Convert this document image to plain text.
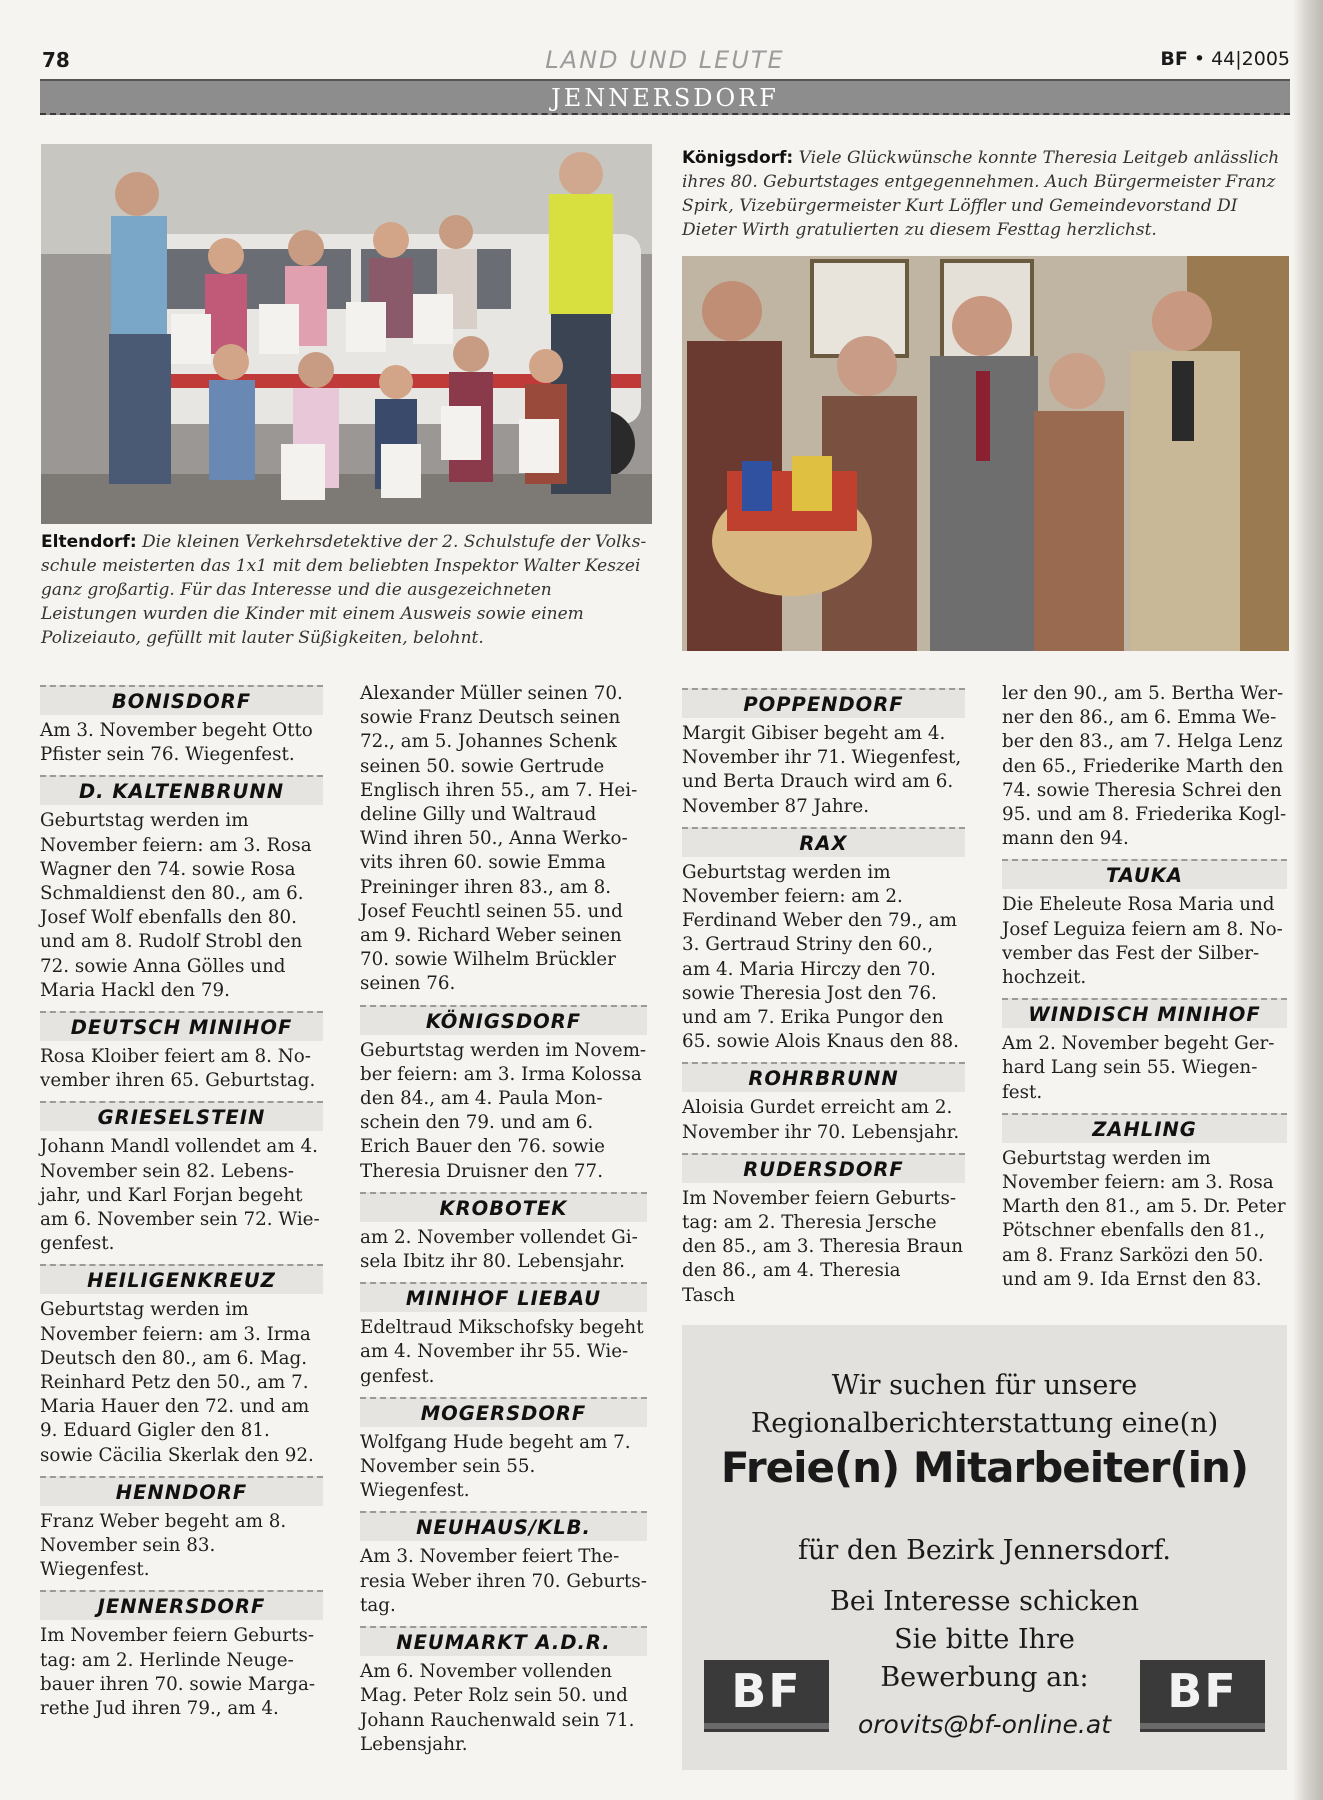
78	LAND UND LEUTE	BF • 44|2005
JENNERSDORF
Eltendorf: Die kleinen Verkehrsdetektive der 2. Schulstufe der Volksschule meisterten das 1x1 mit dem beliebten Inspektor Walter Keszei ganz großartig. Für das Interesse und die ausgezeichneten Leistungen wurden die Kinder mit einem Ausweis sowie einem Polizeiauto, gefüllt mit lauter Süßigkeiten, belohnt.
Königsdorf: Viele Glückwünsche konnte Theresia Leitgeb anlässlich ihres 80. Geburtstages entgegennehmen. Auch Bürgermeister Franz Spirk, Vizebürgermeister Kurt Löffler und Gemeindevorstand DI Dieter Wirth gratulierten zu diesem Festtag herzlichst.
BONISDORF
Am 3. November begeht Otto Pfister sein 76. Wiegenfest.
D. KALTENBRUNN
Geburtstag werden im November feiern: am 3. Rosa Wagner den 74. sowie Rosa Schmaldienst den 80., am 6. Josef Wolf ebenfalls den 80. und am 8. Rudolf Strobl den 72. sowie Anna Gölles und Maria Hackl den 79.
DEUTSCH MINIHOF
Rosa Kloiber feiert am 8. November ihren 65. Geburtstag.
GRIESELSTEIN
Johann Mandl vollendet am 4. November sein 82. Lebensjahr, und Karl Forjan begeht am 6. November sein 72. Wiegenfest.
HEILIGENKREUZ
Geburtstag werden im November feiern: am 3. Irma Deutsch den 80., am 6. Mag. Reinhard Petz den 50., am 7. Maria Hauer den 72. und am 9. Eduard Gigler den 81. sowie Cäcilia Skerlak den 92.
HENNDORF
Franz Weber begeht am 8. November sein 83. Wiegenfest.
JENNERSDORF
Im November feiern Geburtstag: am 2. Herlinde Neugebauer ihren 70. sowie Margarethe Jud ihren 79., am 4.
Alexander Müller seinen 70. sowie Franz Deutsch seinen 72., am 5. Johannes Schenk seinen 50. sowie Gertrude Englisch ihren 55., am 7. Heideline Gilly und Waltraud Wind ihren 50., Anna Werkovits ihren 60. sowie Emma Preininger ihren 83., am 8. Josef Feuchtl seinen 55. und am 9. Richard Weber seinen 70. sowie Wilhelm Brückler seinen 76.
KÖNIGSDORF
Geburtstag werden im November feiern: am 3. Irma Kolossa den 84., am 4. Paula Monschein den 79. und am 6. Erich Bauer den 76. sowie Theresia Druisner den 77.
KROBOTEK
am 2. November vollendet Gisela Ibitz ihr 80. Lebensjahr.
MINIHOF LIEBAU
Edeltraud Mikschofsky begeht am 4. November ihr 55. Wiegenfest.
MOGERSDORF
Wolfgang Hude begeht am 7. November sein 55. Wiegenfest.
NEUHAUS/KLB.
Am 3. November feiert Theresia Weber ihren 70. Geburtstag.
NEUMARKT A.D.R.
Am 6. November vollenden Mag. Peter Rolz sein 50. und Johann Rauchenwald sein 71. Lebensjahr.
POPPENDORF
Margit Gibiser begeht am 4. November ihr 71. Wiegenfest, und Berta Drauch wird am 6. November 87 Jahre.
RAX
Geburtstag werden im November feiern: am 2. Ferdinand Weber den 79., am 3. Gertraud Striny den 60., am 4. Maria Hirczy den 70. sowie Theresia Jost den 76. und am 7. Erika Pungor den 65. sowie Alois Knaus den 88.
ROHRBRUNN
Aloisia Gurdet erreicht am 2. November ihr 70. Lebensjahr.
RUDERSDORF
Im November feiern Geburtstag: am 2. Theresia Jersche den 85., am 3. Theresia Braun den 86., am 4. Theresia Tasch
ler den 90., am 5. Bertha Werner den 86., am 6. Emma Weber den 83., am 7. Helga Lenz den 65., Friederike Marth den 74. sowie Theresia Schrei den 95. und am 8. Friederika Koglmann den 94.
TAUKA
Die Eheleute Rosa Maria und Josef Leguiza feiern am 8. November das Fest der Silberhochzeit.
WINDISCH MINIHOF
Am 2. November begeht Gerhard Lang sein 55. Wiegenfest.
ZAHLING
Geburtstag werden im November feiern: am 3. Rosa Marth den 81., am 5. Dr. Peter Pötschner ebenfalls den 81., am 8. Franz Sarközi den 50. und am 9. Ida Ernst den 83.
Wir suchen für unsere
Regionalberichterstattung eine(n)
Freie(n) Mitarbeiter(in)
für den Bezirk Jennersdorf.
Bei Interesse schicken
Sie bitte Ihre
Bewerbung an:
orovits@bf-online.at
BF	BF
